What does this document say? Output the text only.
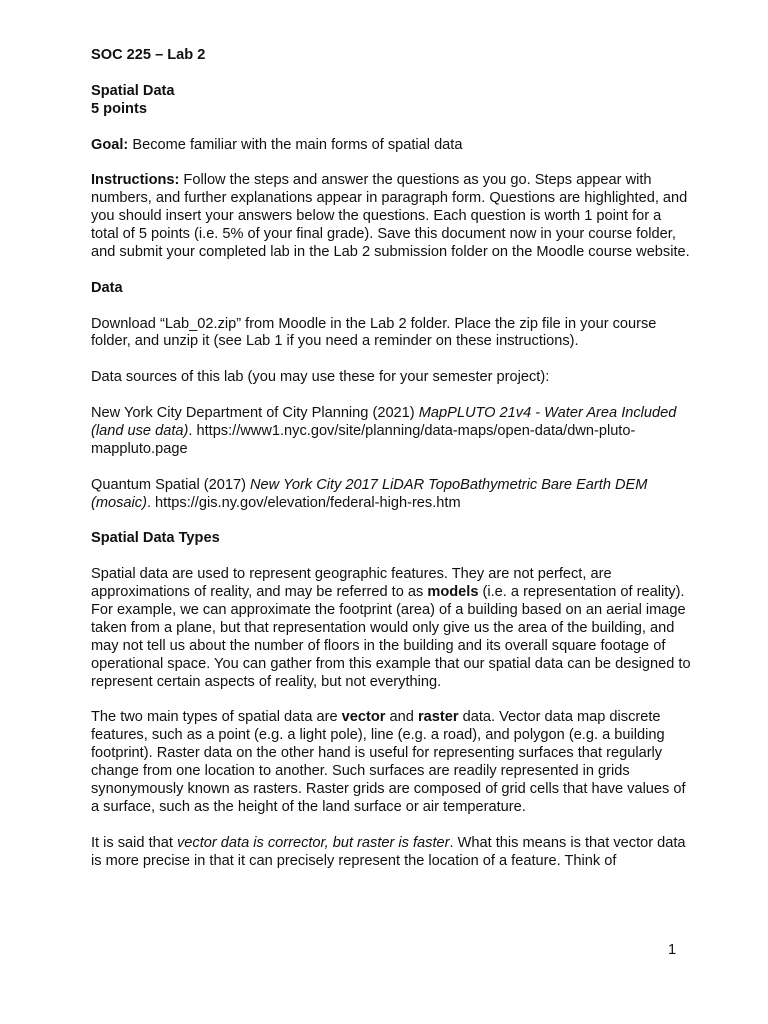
SOC 225 – Lab 2

Spatial Data

5 points

Goal: Become familiar with the main forms of spatial data

Instructions: Follow the steps and answer the questions as you go. Steps appear with numbers, and further explanations appear in paragraph form. Questions are highlighted, and you should insert your answers below the questions. Each question is worth 1 point for a total of 5 points (i.e. 5% of your final grade). Save this document now in your course folder, and submit your completed lab in the Lab 2 submission folder on the Moodle course website.

Data

Download “Lab_02.zip” from Moodle in the Lab 2 folder. Place the zip file in your course folder, and unzip it (see Lab 1 if you need a reminder on these instructions).

Data sources of this lab (you may use these for your semester project):

New York City Department of City Planning (2021) MapPLUTO 21v4 - Water Area Included (land use data). https://www1.nyc.gov/site/planning/data-maps/open-data/dwn-pluto-mappluto.page

Quantum Spatial (2017) New York City 2017 LiDAR TopoBathymetric Bare Earth DEM (mosaic). https://gis.ny.gov/elevation/federal-high-res.htm

Spatial Data Types

Spatial data are used to represent geographic features. They are not perfect, are approximations of reality, and may be referred to as models (i.e. a representation of reality). For example, we can approximate the footprint (area) of a building based on an aerial image taken from a plane, but that representation would only give us the area of the building, and may not tell us about the number of floors in the building and its overall square footage of operational space. You can gather from this example that our spatial data can be designed to represent certain aspects of reality, but not everything.

The two main types of spatial data are vector and raster data. Vector data map discrete features, such as a point (e.g. a light pole), line (e.g. a road), and polygon (e.g. a building footprint). Raster data on the other hand is useful for representing surfaces that regularly change from one location to another. Such surfaces are readily represented in grids synonymously known as rasters. Raster grids are composed of grid cells that have values of a surface, such as the height of the land surface or air temperature.

It is said that vector data is corrector, but raster is faster. What this means is that vector data is more precise in that it can precisely represent the location of a feature. Think of

1
